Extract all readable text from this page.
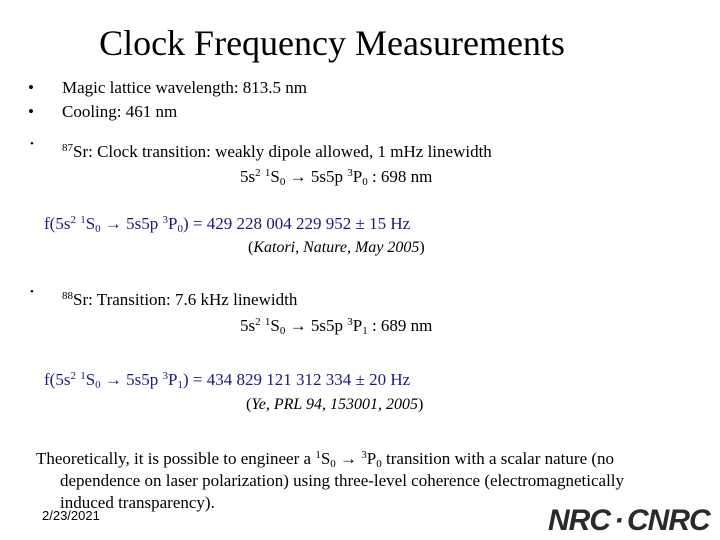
Clock Frequency Measurements
• Magic lattice wavelength: 813.5 nm
• Cooling: 461 nm
•	$^{87}$Sr: Clock transition: weakly dipole allowed, 1 mHz linewidth
$5s^2$ $^1S_0 \to 5s5p$ $^3P_0$ : 698 nm
$f(5s^2$ $^1S_0 \to 5s5p$ $^3P_0) = 429$ 228 004 229 952 ± 15 Hz
(Katori, Nature, May 2005)
•	$^{88}$Sr: Transition: 7.6 kHz linewidth
$5s^2$ $^1S_0 \to 5s5p$ $^3P_1$ : 689 nm
$f(5s^2$ $^1S_0 \to 5s5p$ $^3P_1) = 434$ 829 121 312 334 ± 20 Hz
(Ye, PRL 94, 153001, 2005)
Theoretically, it is possible to engineer a $^1S_0 \to ^3P_0$ transition with a scalar nature (no dependence on laser polarization) using three-level coherence (electromagnetically induced transparency).
2/23/2021	NRC · CNRC
